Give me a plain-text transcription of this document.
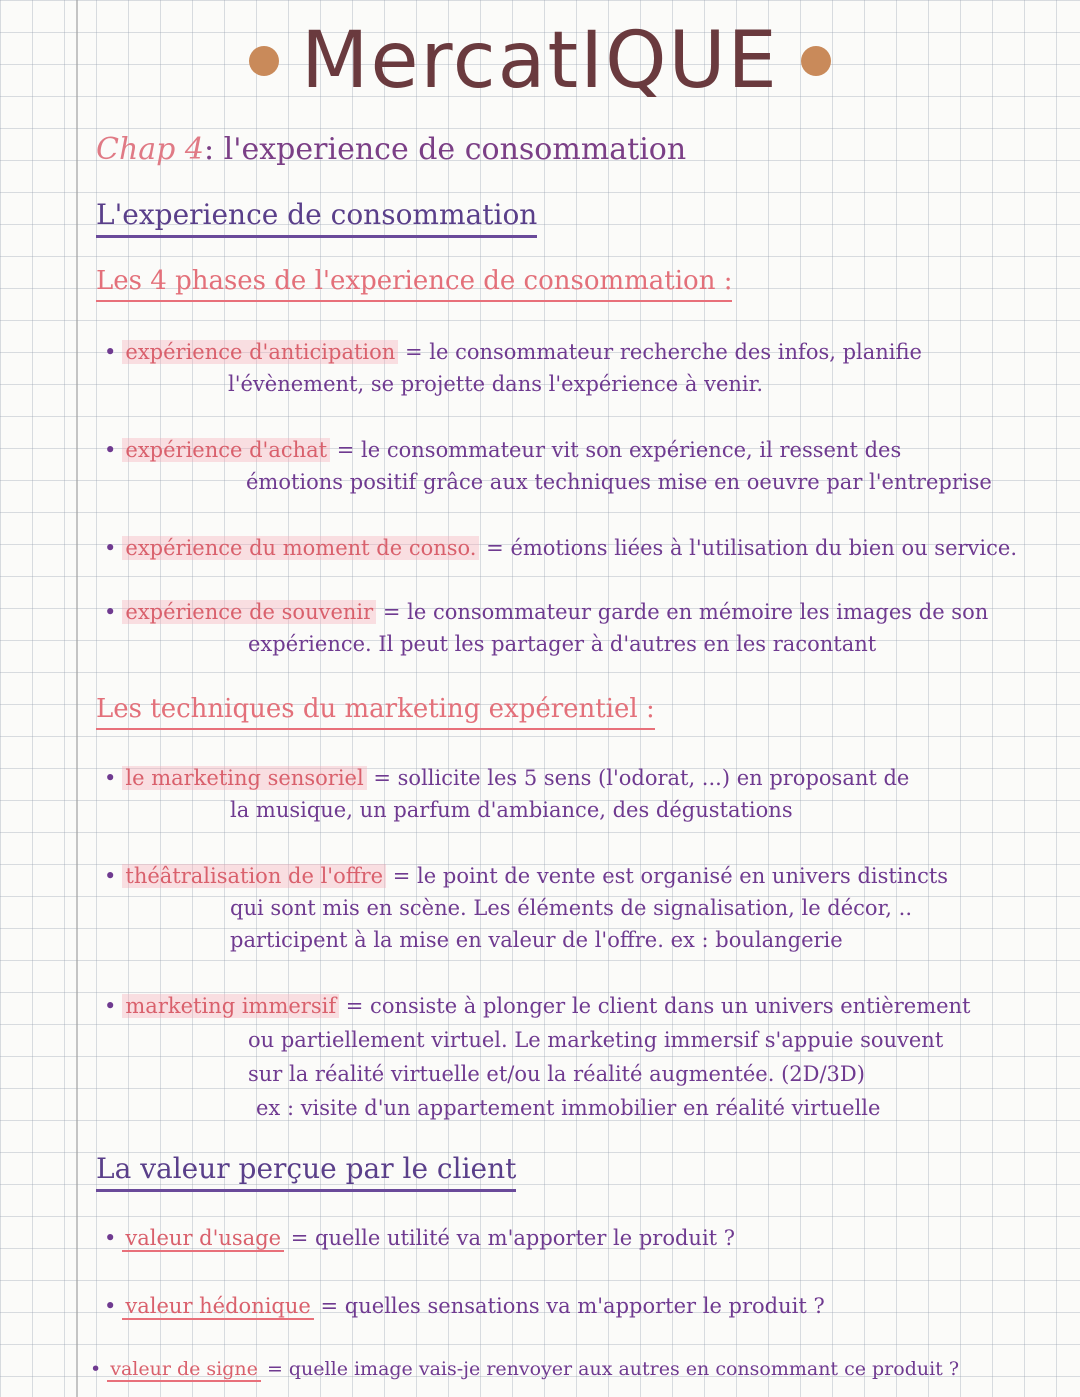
MercatIQUE
Chap 4: l'experience de consommation
L'experience de consommation
Les 4 phases de l'experience de consommation :
• expérience d'anticipation = le consommateur recherche des infos, planifie
l'évènement, se projette dans l'expérience à venir.
• expérience d'achat = le consommateur vit son expérience, il ressent des
émotions positif grâce aux techniques mise en oeuvre par l'entreprise
• expérience du moment de conso. = émotions liées à l'utilisation du bien ou service.
• expérience de souvenir = le consommateur garde en mémoire les images de son
expérience. Il peut les partager à d'autres en les racontant
Les techniques du marketing expérentiel :
• le marketing sensoriel = sollicite les 5 sens (l'odorat, ...) en proposant de
la musique, un parfum d'ambiance, des dégustations
• théâtralisation de l'offre = le point de vente est organisé en univers distincts
qui sont mis en scène. Les éléments de signalisation, le décor, ..
participent à la mise en valeur de l'offre. ex : boulangerie
• marketing immersif = consiste à plonger le client dans un univers entièrement
ou partiellement virtuel. Le marketing immersif s'appuie souvent
sur la réalité virtuelle et/ou la réalité augmentée. (2D/3D)
ex : visite d'un appartement immobilier en réalité virtuelle
La valeur perçue par le client
• valeur d'usage = quelle utilité va m'apporter le produit ?
• valeur hédonique = quelles sensations va m'apporter le produit ?
• valeur de signe = quelle image vais-je renvoyer aux autres en consommant ce produit ?
